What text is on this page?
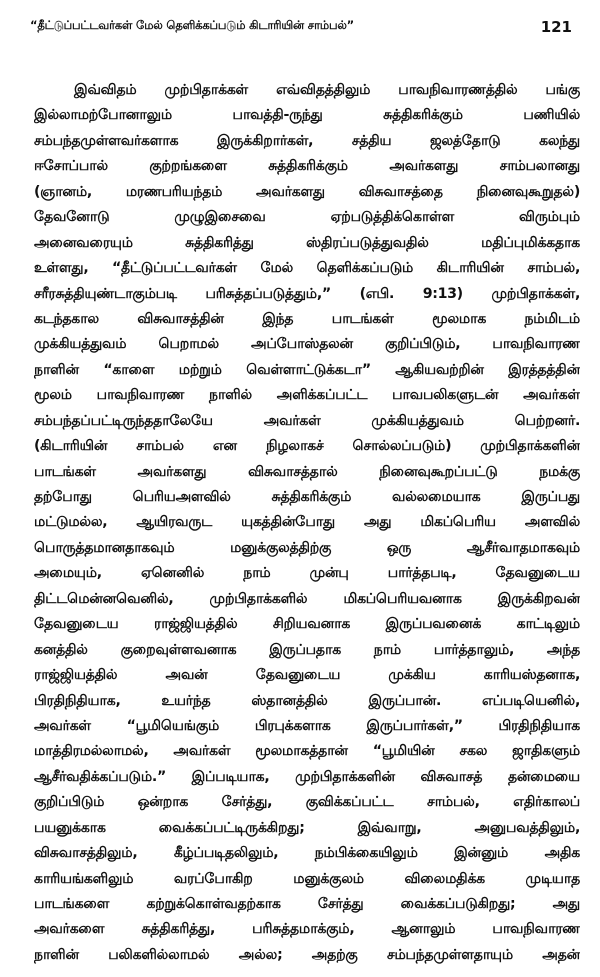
“தீட்டுப்பட்டவர்கள் மேல் தெளிக்கப்படும் கிடாரியின் சாம்பல்”	121
இவ்விதம் முற்பிதாக்கள் எவ்விதத்திலும் பாவநிவாரணத்தில் பங்கு
இல்லாமற்போனாலும் பாவத்தி-ருந்து சுத்திகரிக்கும் பணியில்
சம்பந்தமுள்ளவர்களாக இருக்கிறார்கள், சத்திய ஜலத்தோடு கலந்து
ஈசோப்பால் குற்றங்களை சுத்திகரிக்கும் அவர்களது சாம்பலானது
(ஞானம், மரணபரியந்தம் அவர்களது விசுவாசத்தை நினைவுகூறுதல்)
தேவனோடு முழுஇசைவை ஏற்படுத்திக்கொள்ள விரும்பும்
அனைவரையும் சுத்திகரித்து ஸ்திரப்படுத்துவதில் மதிப்புமிக்கதாக
உள்ளது, “தீட்டுப்பட்டவர்கள் மேல் தெளிக்கப்படும் கிடாரியின் சாம்பல்,
சரீரசுத்தியுண்டாகும்படி பரிசுத்தப்படுத்தும்,” (எபி. 9:13) முற்பிதாக்கள்,
கடந்தகால விசுவாசத்தின் இந்த பாடங்கள் மூலமாக நம்மிடம்
முக்கியத்துவம் பெறாமல் அப்போஸ்தலன் குறிப்பிடும், பாவநிவாரண
நாளின் “காளை மற்றும் வெள்ளாட்டுக்கடா” ஆகியவற்றின் இரத்தத்தின்
மூலம் பாவநிவாரண நாளில் அளிக்கப்பட்ட பாவபலிகளுடன் அவர்கள்
சம்பந்தப்பட்டிருந்ததாலேயே அவர்கள் முக்கியத்துவம் பெற்றனர்.
(கிடாரியின் சாம்பல் என நிழலாகச் சொல்லப்படும்) முற்பிதாக்களின்
பாடங்கள் அவர்களது விசுவாசத்தால் நினைவுகூறப்பட்டு நமக்கு
தற்போது பெரியஅளவில் சுத்திகரிக்கும் வல்லமையாக இருப்பது
மட்டுமல்ல, ஆயிரவருட யுகத்தின்போது அது மிகப்பெரிய அளவில்
பொருத்தமானதாகவும் மனுக்குலத்திற்கு ஒரு ஆசீர்வாதமாகவும்
அமையும், ஏனெனில் நாம் முன்பு பார்த்தபடி, தேவனுடைய
திட்டமென்னவெனில், முற்பிதாக்களில் மிகப்பெரியவனாக இருக்கிறவன்
தேவனுடைய ராஜ்ஜியத்தில் சிறியவனாக இருப்பவனைக் காட்டிலும்
கனத்தில் குறைவுள்ளவனாக இருப்பதாக நாம் பார்த்தாலும், அந்த
ராஜ்ஜியத்தில் அவன் தேவனுடைய முக்கிய காரியஸ்தனாக,
பிரதிநிதியாக, உயர்ந்த ஸ்தானத்தில் இருப்பான். எப்படியெனில்,
அவர்கள் “பூமியெங்கும் பிரபுக்களாக இருப்பார்கள்,” பிரதிநிதியாக
மாத்திரமல்லாமல், அவர்கள் மூலமாகத்தான் “பூமியின் சகல ஜாதிகளும்
ஆசீர்வதிக்கப்படும்.” இப்படியாக, முற்பிதாக்களின் விசுவாசத் தன்மையை
குறிப்பிடும் ஒன்றாக சேர்த்து, குவிக்கப்பட்ட சாம்பல், எதிர்காலப்
பயனுக்காக வைக்கப்பட்டிருக்கிறது; இவ்வாறு, அனுபவத்திலும்,
விசுவாசத்திலும், கீழ்ப்படிதலிலும், நம்பிக்கையிலும் இன்னும் அதிக
காரியங்களிலும் வரப்போகிற மனுக்குலம் விலைமதிக்க முடியாத
பாடங்களை கற்றுக்கொள்வதற்காக சேர்த்து வைக்கப்படுகிறது; அது
அவர்களை சுத்திகரித்து, பரிசுத்தமாக்கும், ஆனாலும் பாவநிவாரண
நாளின் பலிகளில்லாமல் அல்ல; அதற்கு சம்பந்தமுள்ளதாயும் அதன்
